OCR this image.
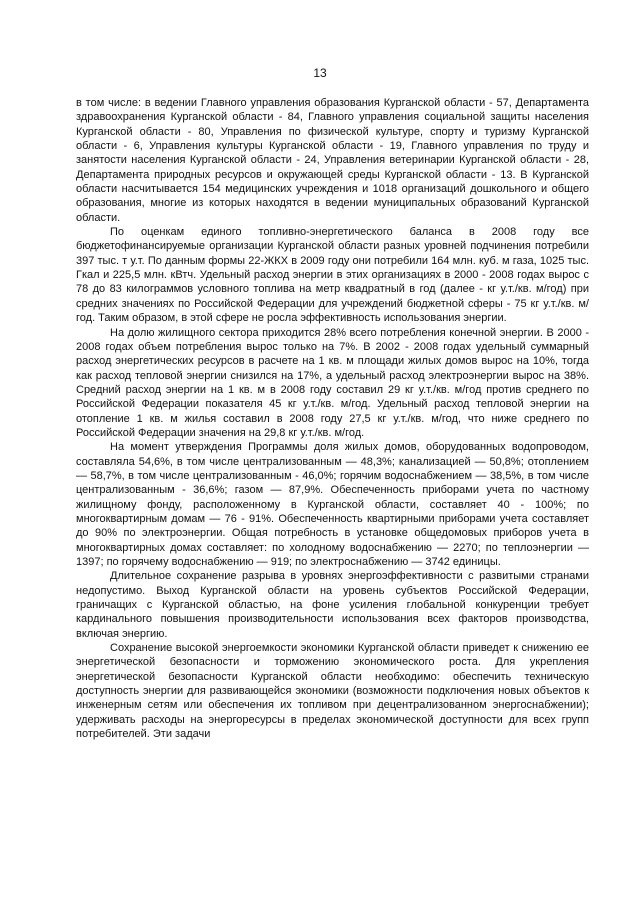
13

в том числе: в ведении Главного управления образования Курганской области - 57, Департамента здравоохранения Курганской области - 84, Главного управления социальной защиты населения Курганской области - 80, Управления по физической культуре, спорту и туризму Курганской области - 6, Управления культуры Курганской области - 19, Главного управления по труду и занятости населения Курганской области - 24, Управления ветеринарии Курганской области - 28, Департамента природных ресурсов и окружающей среды Курганской области - 13. В Курганской области насчитывается 154 медицинских учреждения и 1018 организаций дошкольного и общего образования, многие из которых находятся в ведении муниципальных образований Курганской области.

По оценкам единого топливно-энергетического баланса в 2008 году все бюджетофинансируемые организации Курганской области разных уровней подчинения потребили 397 тыс. т у.т. По данным формы 22-ЖКХ в 2009 году они потребили 164 млн. куб. м газа, 1025 тыс. Гкал и 225,5 млн. кВтч. Удельный расход энергии в этих организациях в 2000 - 2008 годах вырос с 78 до 83 килограммов условного топлива на метр квадратный в год (далее - кг у.т./кв. м/год) при средних значениях по Российской Федерации для учреждений бюджетной сферы - 75 кг у.т./кв. м/год. Таким образом, в этой сфере не росла эффективность использования энергии.

На долю жилищного сектора приходится 28% всего потребления конечной энергии. В 2000 - 2008 годах объем потребления вырос только на 7%. В 2002 - 2008 годах удельный суммарный расход энергетических ресурсов в расчете на 1 кв. м площади жилых домов вырос на 10%, тогда как расход тепловой энергии снизился на 17%, а удельный расход электроэнергии вырос на 38%. Средний расход энергии на 1 кв. м в 2008 году составил 29 кг у.т./кв. м/год против среднего по Российской Федерации показателя 45 кг у.т./кв. м/год. Удельный расход тепловой энергии на отопление 1 кв. м жилья составил в 2008 году 27,5 кг у.т./кв. м/год, что ниже среднего по Российской Федерации значения на 29,8 кг у.т./кв. м/год.

На момент утверждения Программы доля жилых домов, оборудованных водопроводом, составляла 54,6%, в том числе централизованным — 48,3%; канализацией — 50,8%; отоплением — 58,7%, в том числе централизованным - 46,0%; горячим водоснабжением — 38,5%, в том числе централизованным - 36,6%; газом — 87,9%. Обеспеченность приборами учета по частному жилищному фонду, расположенному в Курганской области, составляет 40 - 100%; по многоквартирным домам — 76 - 91%. Обеспеченность квартирными приборами учета составляет до 90% по электроэнергии. Общая потребность в установке общедомовых приборов учета в многоквартирных домах составляет: по холодному водоснабжению — 2270; по теплоэнергии — 1397; по горячему водоснабжению — 919; по электроснабжению — 3742 единицы.

Длительное сохранение разрыва в уровнях энергоэффективности с развитыми странами недопустимо. Выход Курганской области на уровень субъектов Российской Федерации, граничащих с Курганской областью, на фоне усиления глобальной конкуренции требует кардинального повышения производительности использования всех факторов производства, включая энергию.

Сохранение высокой энергоемкости экономики Курганской области приведет к снижению ее энергетической безопасности и торможению экономического роста. Для укрепления энергетической безопасности Курганской области необходимо: обеспечить техническую доступность энергии для развивающейся экономики (возможности подключения новых объектов к инженерным сетям или обеспечения их топливом при децентрализованном энергоснабжении); удерживать расходы на энергоресурсы в пределах экономической доступности для всех групп потребителей. Эти задачи
